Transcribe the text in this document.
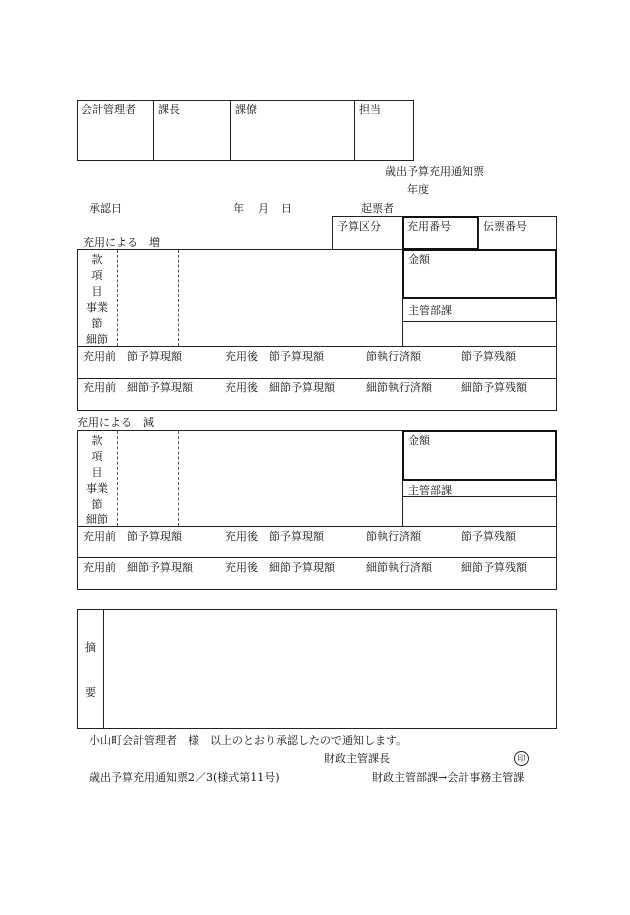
会計管理者 課長	課僚	担当
歳出予算充用通知票
年度
承認日	年 月 日	起票者
予算区分 充用番号	伝票番号
充用による　増
款
項
目
事業
節
細節
金額
主管部課
充用前　節予算現額	充用後　節予算現額	節執行済額	節予算残額
充用前　細節予算現額	充用後　細節予算現額	細節執行済額	細節予算残額
充用による　減
款
項
目
事業
節
細節
金額
主管部課
充用前　節予算現額	充用後　節予算現額	節執行済額	節予算残額
充用前　細節予算現額	充用後　細節予算現額	細節執行済額	細節予算残額
摘
要
小山町会計管理者　様　以上のとおり承認したので通知します。
財政主管課長	印
歳出予算充用通知票2／3(様式第11号)	財政主管部課→会計事務主管課
